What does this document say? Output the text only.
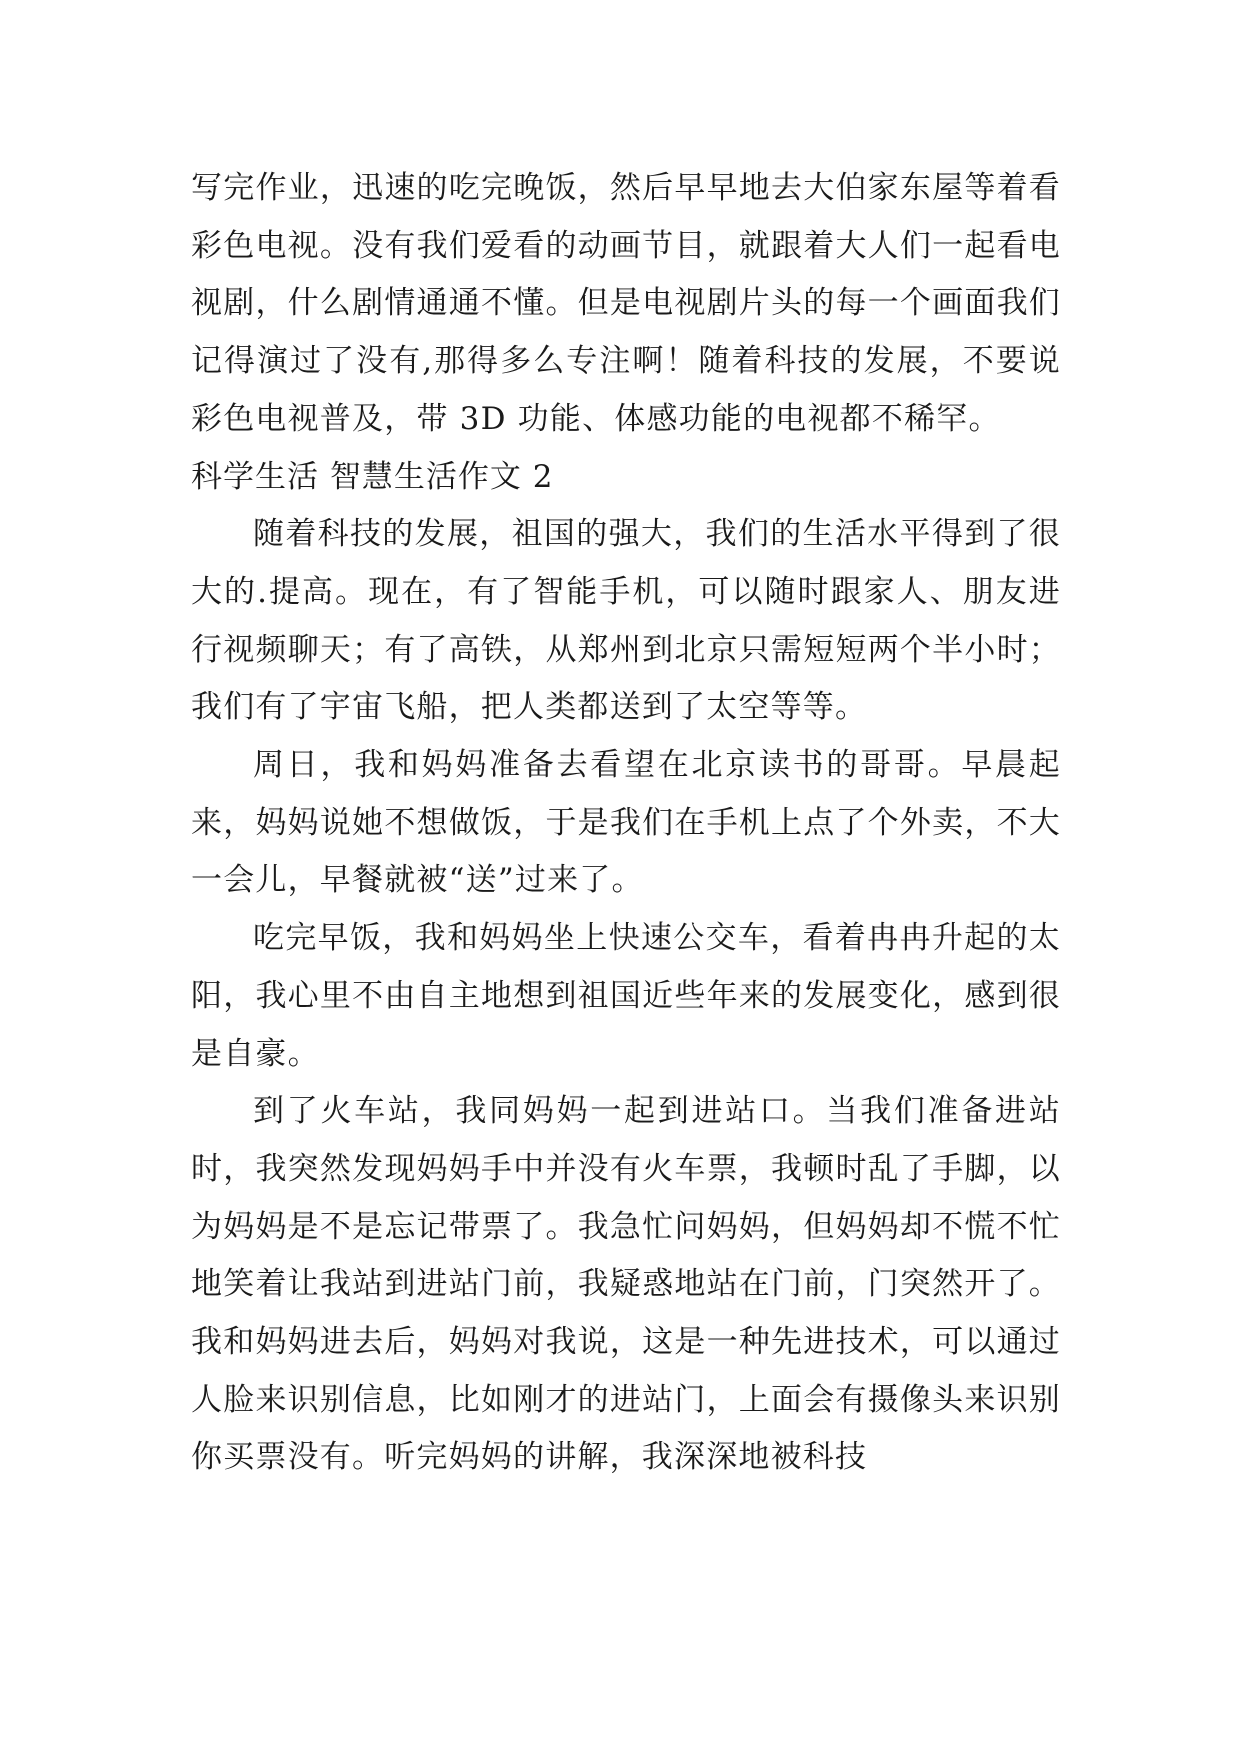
写完作业，迅速的吃完晚饭，然后早早地去大伯家东屋等着看彩色电视。没有我们爱看的动画节目，就跟着大人们一起看电视剧，什么剧情通通不懂。但是电视剧片头的每一个画面我们记得演过了没有,那得多么专注啊！随着科技的发展，不要说彩色电视普及，带 3D 功能、体感功能的电视都不稀罕。

科学生活 智慧生活作文 2

随着科技的发展，祖国的强大，我们的生活水平得到了很大的.提高。现在，有了智能手机，可以随时跟家人、朋友进行视频聊天；有了高铁，从郑州到北京只需短短两个半小时；我们有了宇宙飞船，把人类都送到了太空等等。

周日，我和妈妈准备去看望在北京读书的哥哥。早晨起来，妈妈说她不想做饭，于是我们在手机上点了个外卖，不大一会儿，早餐就被“送”过来了。

吃完早饭，我和妈妈坐上快速公交车，看着冉冉升起的太阳，我心里不由自主地想到祖国近些年来的发展变化，感到很是自豪。

到了火车站，我同妈妈一起到进站口。当我们准备进站时，我突然发现妈妈手中并没有火车票，我顿时乱了手脚，以为妈妈是不是忘记带票了。我急忙问妈妈，但妈妈却不慌不忙地笑着让我站到进站门前，我疑惑地站在门前，门突然开了。我和妈妈进去后，妈妈对我说，这是一种先进技术，可以通过人脸来识别信息，比如刚才的进站门，上面会有摄像头来识别你买票没有。听完妈妈的讲解，我深深地被科技
